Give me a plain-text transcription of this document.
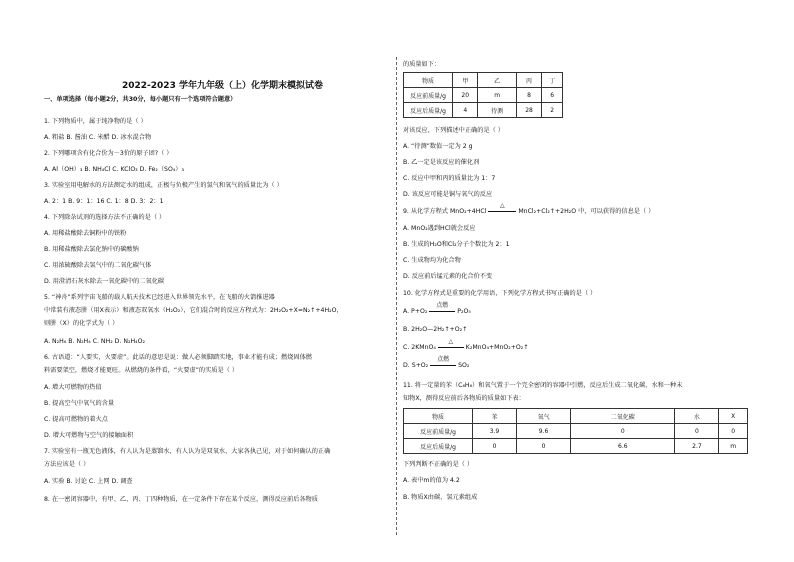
2022-2023 学年九年级（上）化学期末模拟试卷
一、单项选择（每小题2分，共30分，每小题只有一个选项符合题意）
1. 下列物质中，属于纯净物的是（ ）
A. 粗盐 B. 酱油 C. 米醋 D. 冰水混合物
2. 下列哪项含有化合价为－3价的原子团?（ ）
A. Al（OH）₃ B. NH₄Cl C. KClO₃ D. Fe₂（SO₄）₃
3. 实验室用电解水的方法测定水的组成，正极与负极产生的氢气和氧气的质量比为（ ）
A. 2：1 B. 9：1：16 C. 1：8 D. 3：2：1
4. 下列除杂试剂的选择方法不正确的是（ ）
A. 用稀盐酸除去铜粉中的铁粉
B. 用稀盐酸除去氯化钠中的碳酸钠
C. 用浓硫酸除去氢气中的二氧化碳气体
D. 用澄清石灰水除去一氧化碳中的二氧化碳
5. “神舟”系列宇宙飞船的载人航天技术已经进入世界领先水平，在飞船的火箭推进器
中常装有液态肼（用X表示）和液态双氧水（H₂O₂），它们混合时的反应方程式为：2H₂O₂+X=N₂↑+4H₂O，
则肼（X）的化学式为（ ）
A. N₂H₆ B. N₂H₄ C. NH₂ D. N₂H₄O₂
6. 古语道：“人要实，火要虚”。此话的意思是说：做人必须脚踏实地，事业才能有成；燃烧固体燃
料需要架空，燃烧才能更旺。从燃烧的条件看，“火要虚”的实质是（ ）
A. 增大可燃物的热值
B. 提高空气中氧气的含量
C. 提高可燃物的着火点
D. 增大可燃物与空气的接触面积
7. 实验室有一瓶无色液体，有人认为是蒸馏水，有人认为是双氧水，大家各执己见，对于如何确认的正确
方法应该是（ ）
A. 实验 B. 讨论 C. 上网 D. 调查
8. 在一密闭容器中，有甲、乙、丙、丁四种物质，在一定条件下存在某个反应，测得反应前后各物质
的质量如下：
物质	甲	乙	丙	丁
反应前质量/g	20	m	8	6
反应后质量/g	4	待测	28	2
对该反应，下列描述中正确的是（ ）
A. “待测”数值一定为 2 g
B. 乙一定是该反应的催化剂
C. 反应中甲和丙的质量比为 1：7
D. 该反应可能是铜与氧气的反应
9. 从化学方程式 MnO₂+4HCl
△
MnCl₂+Cl₂↑+2H₂O 中，可以获得的信息是（ ）
A. MnO₂遇到HCl就会反应
B. 生成的H₂O和Cl₂分子个数比为 2：1
C. 生成物均为化合物
D. 反应前后锰元素的化合价不变
10. 化学方程式是重要的化学用语，下列化学方程式书写正确的是（ ）
A. P+O₂
点燃
P₂O₅
B. 2H₂O—2H₂↑+O₂↑
C. 2KMnO₄
△
K₂MnO₄+MnO₂+O₂↑
D. S+O₂
点燃
SO₂
11. 将一定量的苯（C₆H₆）和氧气置于一个完全密闭的容器中引燃，反应后生成二氧化碳、水和一种未
知物X，测得反应前后各物质的质量如下表：
物质	苯	氧气	二氧化碳	水	X
反应前质量/g	3.9	9.6	0	0	0
反应后质量/g	0	0	6.6	2.7	m
下列判断不正确的是（ ）
A. 表中m的值为 4.2
B. 物质X由碳、氢元素组成
